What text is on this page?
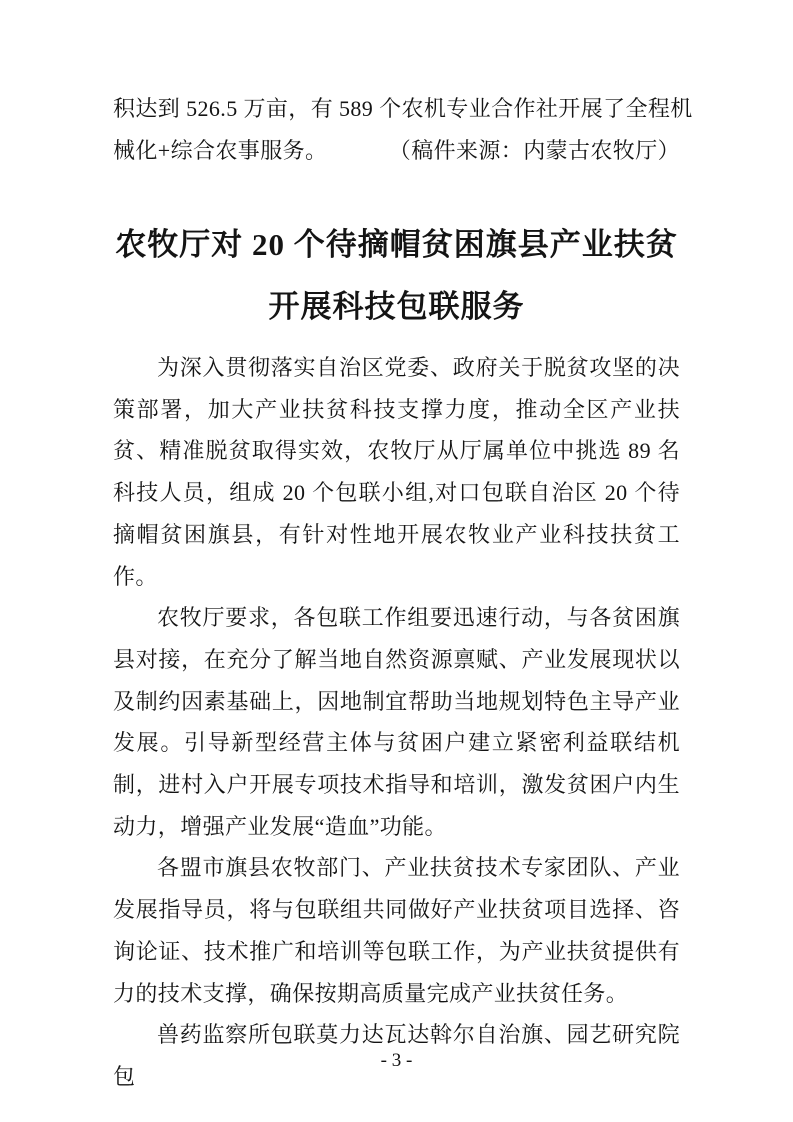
积达到 526.5 万亩，有 589 个农机专业合作社开展了全程机
械化+综合农事服务。	（稿件来源：内蒙古农牧厅）
农牧厅对 20 个待摘帽贫困旗县产业扶贫
开展科技包联服务

为深入贯彻落实自治区党委、政府关于脱贫攻坚的决策部署，加大产业扶贫科技支撑力度，推动全区产业扶贫、精准脱贫取得实效，农牧厅从厅属单位中挑选 89 名科技人员，组成 20 个包联小组,对口包联自治区 20 个待摘帽贫困旗县，有针对性地开展农牧业产业科技扶贫工作。

农牧厅要求，各包联工作组要迅速行动，与各贫困旗县对接，在充分了解当地自然资源禀赋、产业发展现状以及制约因素基础上，因地制宜帮助当地规划特色主导产业发展。引导新型经营主体与贫困户建立紧密利益联结机制，进村入户开展专项技术指导和培训，激发贫困户内生动力，增强产业发展“造血”功能。

各盟市旗县农牧部门、产业扶贫技术专家团队、产业发展指导员，将与包联组共同做好产业扶贫项目选择、咨询论证、技术推广和培训等包联工作，为产业扶贫提供有力的技术支撑，确保按期高质量完成产业扶贫任务。

兽药监察所包联莫力达瓦达斡尔自治旗、园艺研究院包

- 3 -
